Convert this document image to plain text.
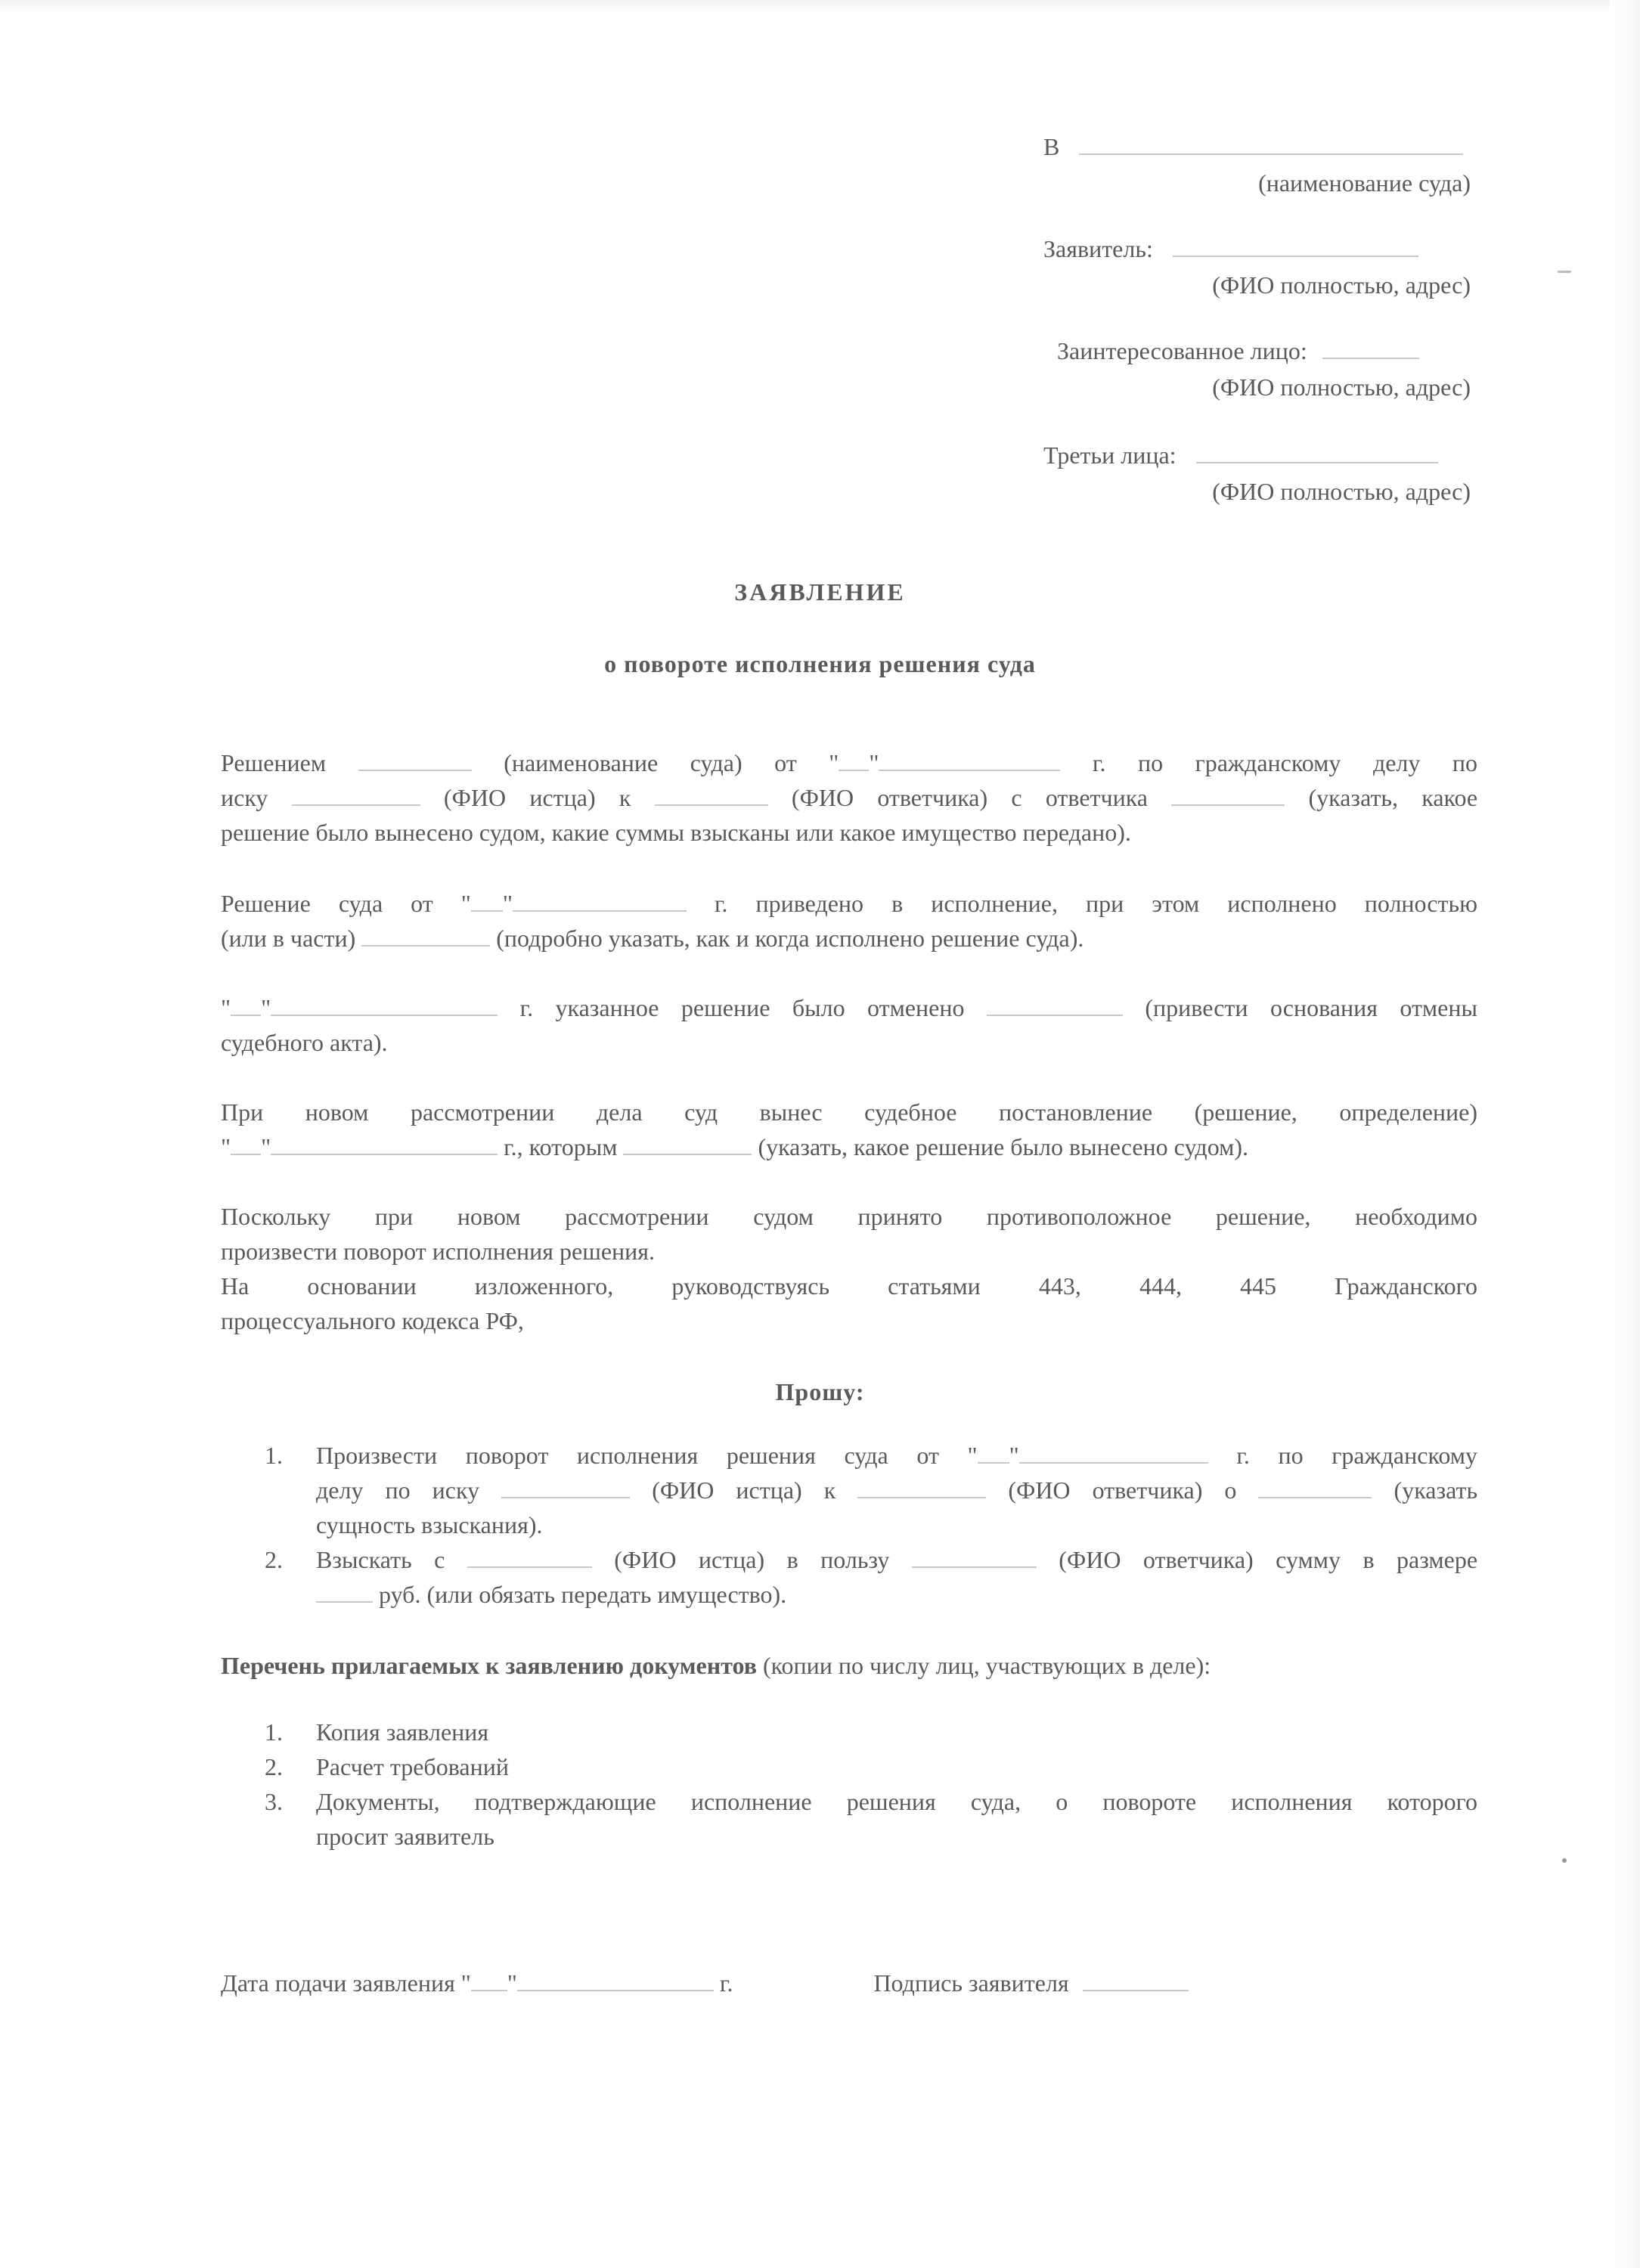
В
(наименование суда)
Заявитель:
(ФИО полностью, адрес)
Заинтересованное лицо:
(ФИО полностью, адрес)
Третьи лица:
(ФИО полностью, адрес)
ЗАЯВЛЕНИЕ
о повороте исполнения решения суда

Решением	(наименование суда) от " "	г. по гражданскому делу по

иску	(ФИО истца) к	(ФИО ответчика) с ответчика	(указать, какое

решение было вынесено судом, какие суммы взысканы или какое имущество передано).

Решение суда от " "	г. приведено в исполнение, при этом исполнено полностью

(или в части)	(подробно указать, как и когда исполнено решение суда).

" "	г. указанное решение было отменено	(привести основания отмены

судебного акта).

При новом рассмотрении дела суд вынес судебное постановление (решение, определение)

" "	г., которым	(указать, какое решение было вынесено судом).

Поскольку при новом рассмотрении судом принято противоположное решение, необходимо

произвести поворот исполнения решения.

На основании изложенного, руководствуясь статьями 443, 444, 445 Гражданского

процессуального кодекса РФ,

Прошу:
1. Произвести поворот исполнения решения суда от " "	г. по гражданскому
делу по иску	(ФИО истца) к	(ФИО ответчика) о	(указать
сущность взыскания).
2. Взыскать с	(ФИО истца) в пользу	(ФИО ответчика) сумму в размере
руб. (или обязать передать имущество).

Перечень прилагаемых к заявлению документов (копии по числу лиц, участвующих в деле):

1. Копия заявления
2. Расчет требований
3. Документы, подтверждающие исполнение решения суда, о повороте исполнения которого
просит заявитель
Дата подачи заявления " "	г.	Подпись заявителя
